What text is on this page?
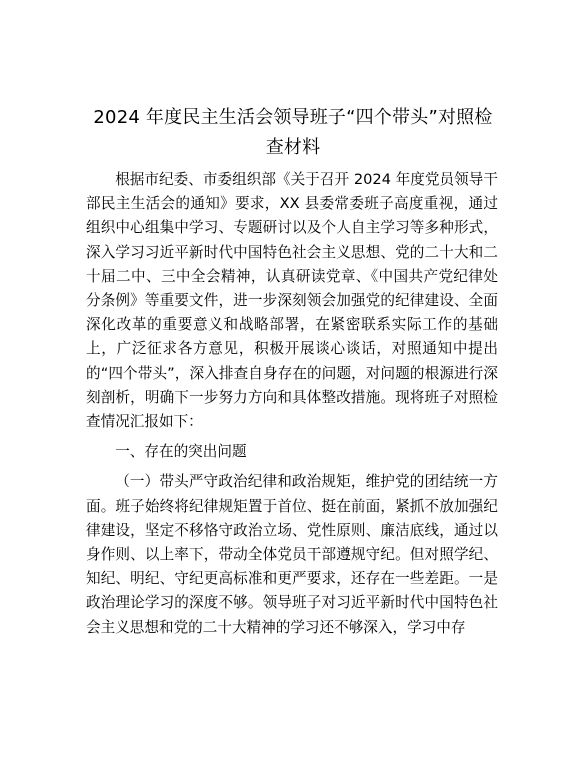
2024 年度民主生活会领导班子“四个带头”对照检查材料

根据市纪委、市委组织部《关于召开 2024 年度党员领导干部民主生活会的通知》要求，XX 县委常委班子高度重视，通过组织中心组集中学习、专题研讨以及个人自主学习等多种形式，深入学习习近平新时代中国特色社会主义思想、党的二十大和二十届二中、三中全会精神，认真研读党章、《中国共产党纪律处分条例》等重要文件，进一步深刻领会加强党的纪律建设、全面深化改革的重要意义和战略部署，在紧密联系实际工作的基础上，广泛征求各方意见，积极开展谈心谈话，对照通知中提出的“四个带头”，深入排查自身存在的问题，对问题的根源进行深刻剖析，明确下一步努力方向和具体整改措施。现将班子对照检查情况汇报如下：

一、存在的突出问题

（一）带头严守政治纪律和政治规矩，维护党的团结统一方面。班子始终将纪律规矩置于首位、挺在前面，紧抓不放加强纪律建设，坚定不移恪守政治立场、党性原则、廉洁底线，通过以身作则、以上率下，带动全体党员干部遵规守纪。但对照学纪、知纪、明纪、守纪更高标准和更严要求，还存在一些差距。一是政治理论学习的深度不够。领导班子对习近平新时代中国特色社会主义思想和党的二十大精神的学习还不够深入，学习中存
